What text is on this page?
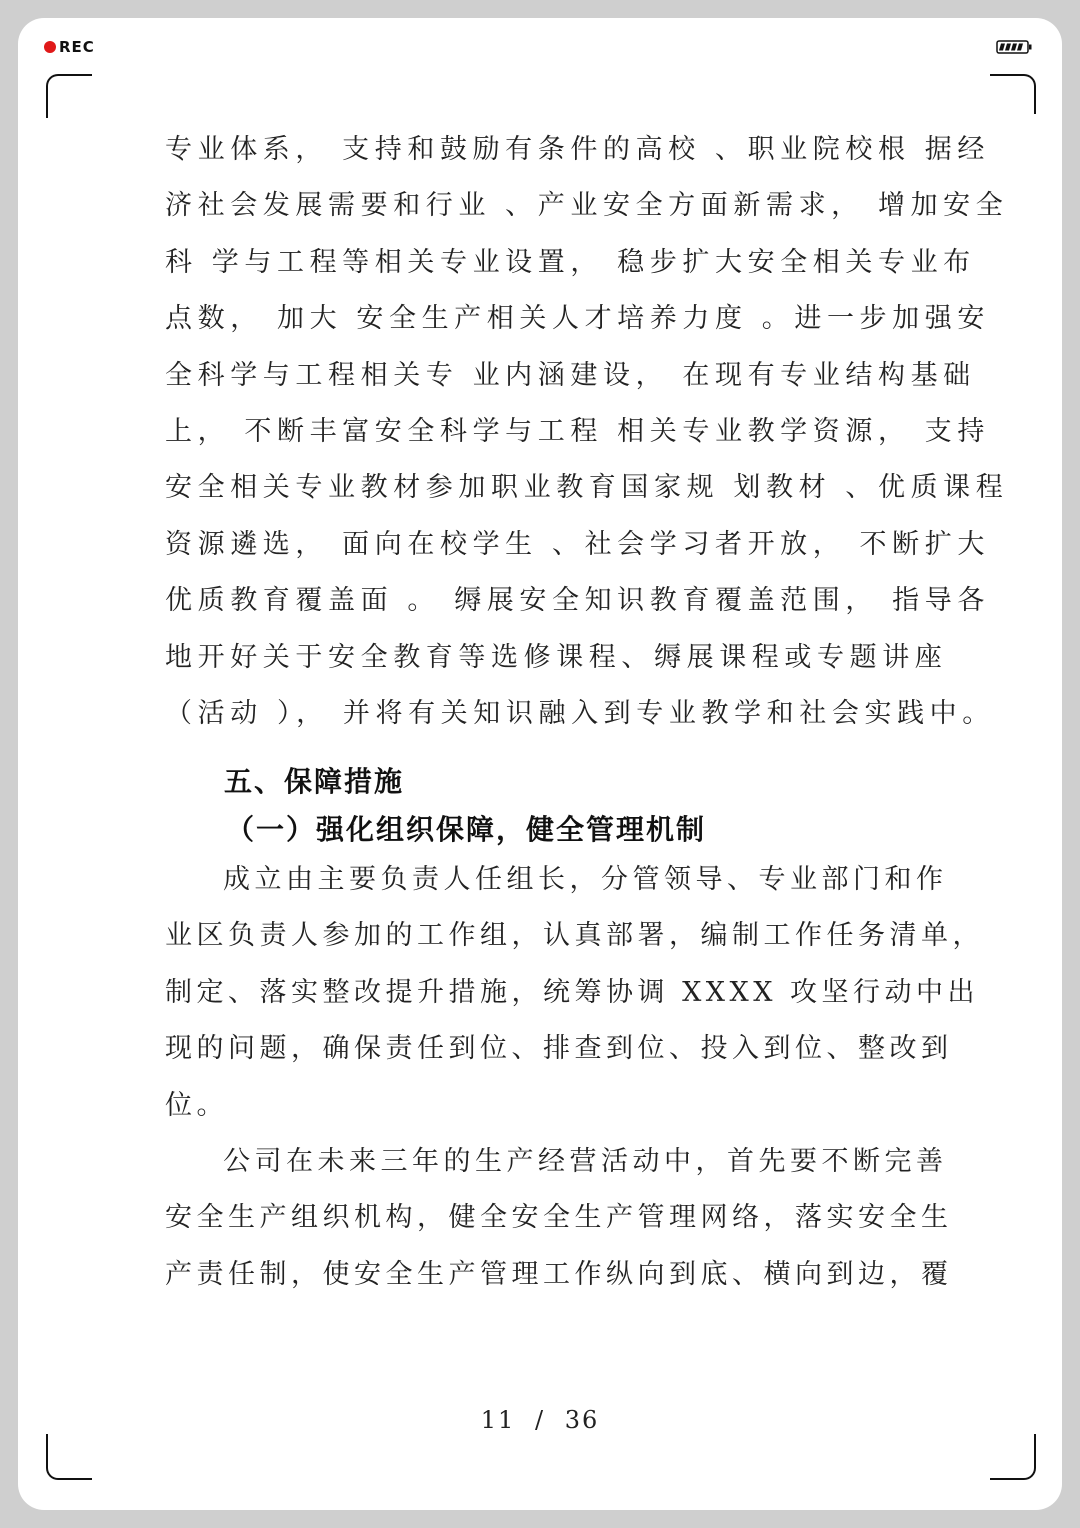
REC
专业体系， 支持和鼓励有条件的高校 、职业院校根 据经
济社会发展需要和行业 、产业安全方面新需求， 增加安全
科 学与工程等相关专业设置， 稳步扩大安全相关专业布
点数， 加大 安全生产相关人才培养力度 。进一步加强安
全科学与工程相关专 业内涵建设， 在现有专业结构基础
上， 不断丰富安全科学与工程 相关专业教学资源， 支持
安全相关专业教材参加职业教育国家规 划教材 、优质课程
资源遴选， 面向在校学生 、社会学习者开放， 不断扩大
优质教育覆盖面 。 缛展安全知识教育覆盖范围， 指导各
地开好关于安全教育等选修课程、缛展课程或专题讲座
（活动 ）， 并将有关知识融入到专业教学和社会实践中。
五、保障措施
（一）强化组织保障，健全管理机制
成立由主要负责人任组长，分管领导、专业部门和作
业区负责人参加的工作组，认真部署，编制工作任务清单，
制定、落实整改提升措施，统筹协调 XXXX 攻坚行动中出
现的问题，确保责任到位、排查到位、投入到位、整改到
位。
公司在未来三年的生产经营活动中，首先要不断完善
安全生产组织机构，健全安全生产管理网络，落实安全生
产责任制，使安全生产管理工作纵向到底、横向到边，覆
11 / 36
